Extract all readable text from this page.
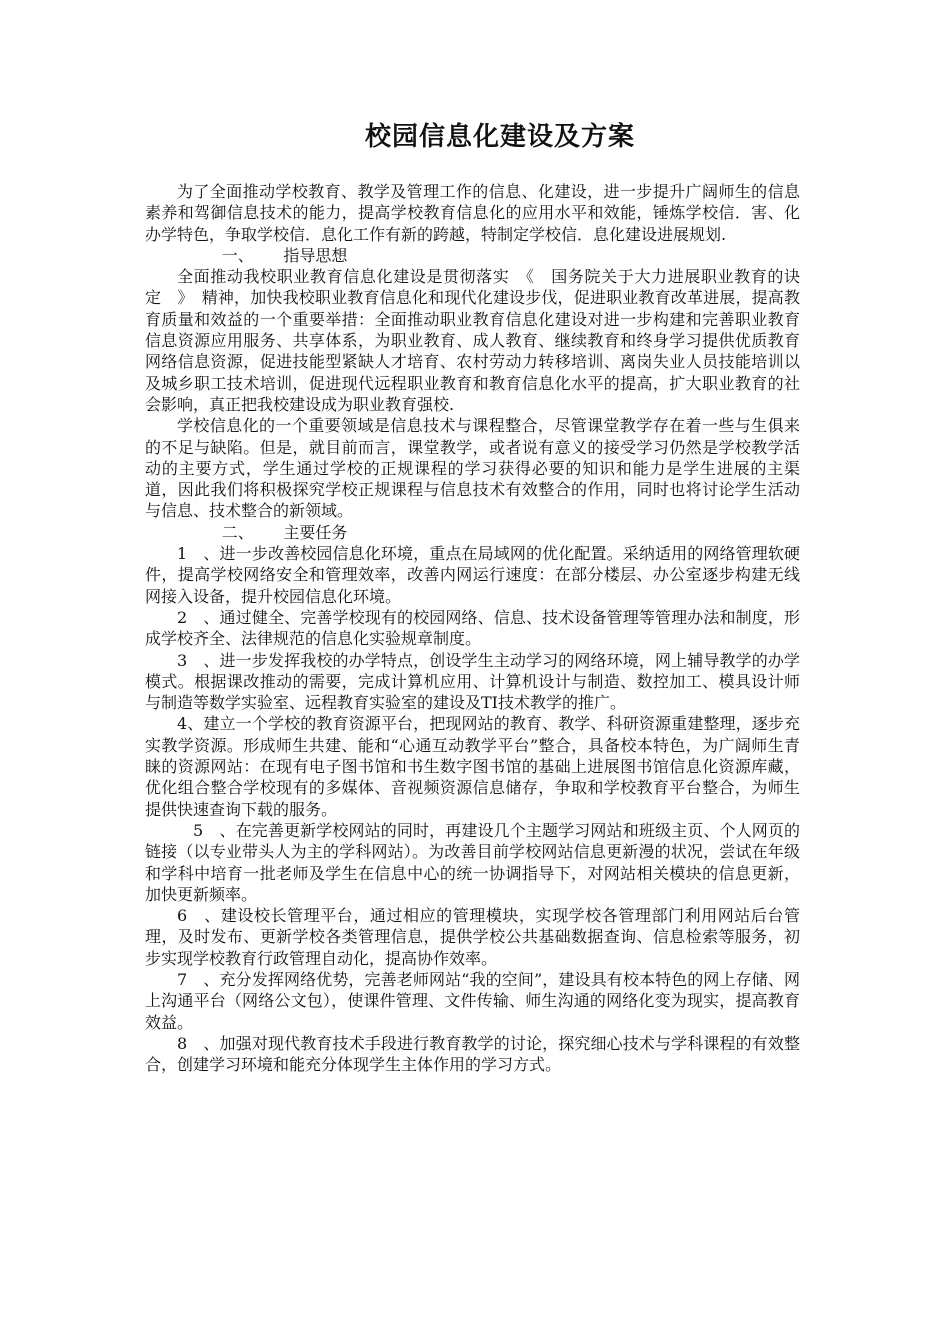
校园信息化建设及方案

为了全面推动学校教育、教学及管理工作的信息、化建设，进一步提升广阔师生的信息素养和驾御信息技术的能力，提高学校教育信息化的应用水平和效能，锤炼学校信．害、化办学特色，争取学校信．息化工作有新的跨越，特制定学校信．息化建设进展规划.

一、 指导思想

全面推动我校职业教育信息化建设是贯彻落实　《　国务院关于大力进展职业教育的诀定　》　精神，加快我校职业教育信息化和现代化建设步伐，促进职业教育改革进展，提高教育质量和效益的一个重要举措：全面推动职业教育信息化建设对进一步构建和完善职业教育信息资源应用服务、共享体系，为职业教育、成人教育、继续教育和终身学习提供优质教育网络信息资源，促进技能型紧缺人才培育、农村劳动力转移培训、离岗失业人员技能培训以及城乡职工技术培训，促进现代远程职业教育和教育信息化水平的提高，扩大职业教育的社会影响，真正把我校建设成为职业教育强校.

学校信息化的一个重要领域是信息技术与课程整合，尽管课堂教学存在着一些与生俱来的不足与缺陷。但是，就目前而言，课堂教学，或者说有意义的接受学习仍然是学校教学活动的主要方式，学生通过学校的正规课程的学习获得必要的知识和能力是学生进展的主渠道，因此我们将积极探究学校正规课程与信息技术有效整合的作用，同时也将讨论学生活动与信息、技术整合的新领域。

二、 主要任务

1　、进一步改善校园信息化环境，重点在局域网的优化配置。采纳适用的网络管理软硬件，提高学校网络安全和管理效率，改善内网运行速度：在部分楼层、办公室逐步构建无线网接入设备，提升校园信息化环境。

2　、通过健全、完善学校现有的校园网络、信息、技术设备管理等管理办法和制度，形成学校齐全、法律规范的信息化实验规章制度。

3　、进一步发挥我校的办学特点，创设学生主动学习的网络环境，网上辅导教学的办学模式。根据课改推动的需要，完成计算机应用、计算机设计与制造、数控加工、模具设计师与制造等数学实验室、远程教育实验室的建设及TI技术教学的推广。

4、建立一个学校的教育资源平台，把现网站的教育、教学、科研资源重建整理，逐步充实教学资源。形成师生共建、能和“心通互动教学平台”整合，具备校本特色，为广阔师生青睐的资源网站：在现有电子图书馆和书生数字图书馆的基础上进展图书馆信息化资源库藏，优化组合整合学校现有的多媒体、音视频资源信息储存，争取和学校教育平台整合，为师生提供快速查询下载的服务。

5　、在完善更新学校网站的同时，再建设几个主题学习网站和班级主页、个人网页的链接（以专业带头人为主的学科网站）。为改善目前学校网站信息更新漫的状况，尝试在年级和学科中培育一批老师及学生在信息中心的统一协调指导下，对网站相关模块的信息更新，加快更新频率。

6　、建设校长管理平台，通过相应的管理模块，实现学校各管理部门利用网站后台管理，及时发布、更新学校各类管理信息，提供学校公共基础数据查询、信息检索等服务，初步实现学校教育行政管理自动化，提高协作效率。

7　、充分发挥网络优势，完善老师网站“我的空间”，建设具有校本特色的网上存储、网上沟通平台（网络公文包），使课件管理、文件传输、师生沟通的网络化变为现实，提高教育效益。

8　、加强对现代教育技术手段进行教育教学的讨论，探究细心技术与学科课程的有效整合，创建学习环境和能充分体现学生主体作用的学习方式。
